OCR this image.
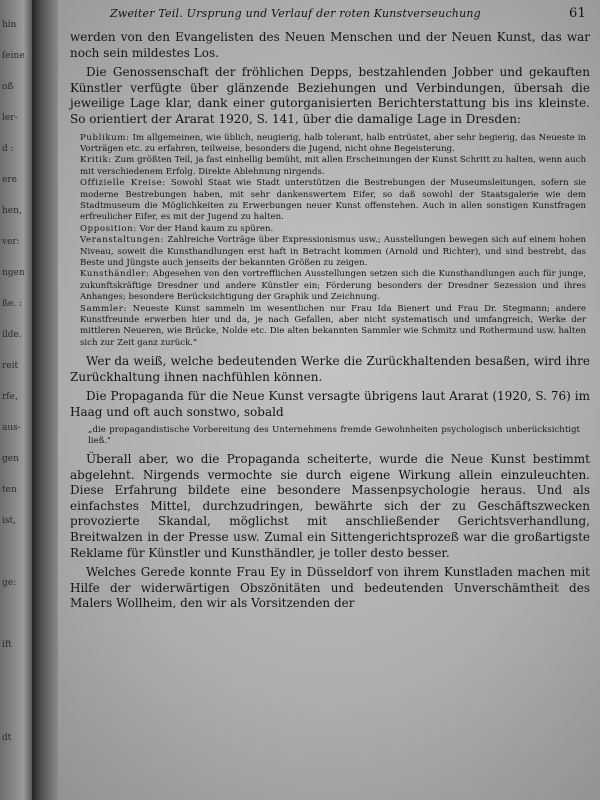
hin
feine
oß
ler-
d :
ere
hen,
ver:
ngen
ße. :
ilde.
reit
rfe,
aus-
gen
ten
ist,
ge:
ift
dt
Zweiter Teil. Ursprung und Verlauf der roten Kunstverseuchung	61

werden von den Evangelisten des Neuen Menschen und der Neuen Kunst, das war noch sein mildestes Los.

Die Genossenschaft der fröhlichen Depps, bestzahlenden Jobber und gekauften Künstler verfügte über glänzende Beziehungen und Verbindungen, übersah die jeweilige Lage klar, dank einer gutorganisierten Berichterstattung bis ins kleinste. So orientiert der Ararat 1920, S. 141, über die damalige Lage in Dresden:

Publikum: Im allgemeinen, wie üblich, neugierig, halb tolerant, halb entrüstet, aber sehr begierig, das Neueste in Vorträgen etc. zu erfahren, teilweise, besonders die Jugend, nicht ohne Begeisterung.

Kritik: Zum größten Teil, ja fast einhellig bemüht, mit allen Erscheinungen der Kunst Schritt zu halten, wenn auch mit verschiedenem Erfolg. Direkte Ablehnung nirgends.

Offizielle Kreise: Sowohl Staat wie Stadt unterstützen die Bestrebungen der Museumsleitungen, sofern sie moderne Bestrebungen haben, mit sehr dankenswertem Eifer, so daß sowohl der Staatsgalerie wie dem Stadtmuseum die Möglichkeiten zu Erwerbungen neuer Kunst offenstehen. Auch in allen sonstigen Kunstfragen erfreulicher Eifer, es mit der Jugend zu halten.

Opposition: Vor der Hand kaum zu spüren.

Veranstaltungen: Zahlreiche Vorträge über Expressionismus usw.; Ausstellungen bewegen sich auf einem hohen Niveau, soweit die Kunsthandlungen erst haft in Betracht kommen (Arnold und Richter), und sind bestrebt, das Beste und Jüngste auch jenseits der bekannten Größen zu zeigen.

Kunsthändler: Abgesehen von den vortrefflichen Ausstellungen setzen sich die Kunsthandlungen auch für junge, zukunftskräftige Dresdner und andere Künstler ein; Förderung besonders der Dresdner Sezession und ihres Anhanges; besondere Berücksichtigung der Graphik und Zeichnung.

Sammler: Neueste Kunst sammeln im wesentlichen nur Frau Ida Bienert und Frau Dr. Stegmann; andere Kunstfreunde erwerben hier und da, je nach Gefallen, aber nicht systematisch und umfangreich, Werke der mittleren Neueren, wie Brücke, Nolde etc. Die alten bekannten Sammler wie Schmitz und Rothermund usw. halten sich zur Zeit ganz zurück."

Wer da weiß, welche bedeutenden Werke die Zurückhaltenden besaßen, wird ihre Zurückhaltung ihnen nachfühlen können.

Die Propaganda für die Neue Kunst versagte übrigens laut Ararat (1920, S. 76) im Haag und oft auch sonstwo, sobald

„die propagandistische Vorbereitung des Unternehmens fremde Gewohnheiten psychologisch unberücksichtigt ließ."

Überall aber, wo die Propaganda scheiterte, wurde die Neue Kunst bestimmt abgelehnt. Nirgends vermochte sie durch eigene Wirkung allein einzuleuchten. Diese Erfahrung bildete eine besondere Massenpsychologie heraus. Und als einfachstes Mittel, durchzudringen, bewährte sich der zu Geschäftszwecken provozierte Skandal, möglichst mit anschließender Gerichtsverhandlung, Breitwalzen in der Presse usw. Zumal ein Sittengerichtsprozeß war die großartigste Reklame für Künstler und Kunsthändler, je toller desto besser.

Welches Gerede konnte Frau Ey in Düsseldorf von ihrem Kunstladen machen mit Hilfe der widerwärtigen Obszönitäten und bedeutenden Unverschämtheit des Malers Wollheim, den wir als Vorsitzenden der
